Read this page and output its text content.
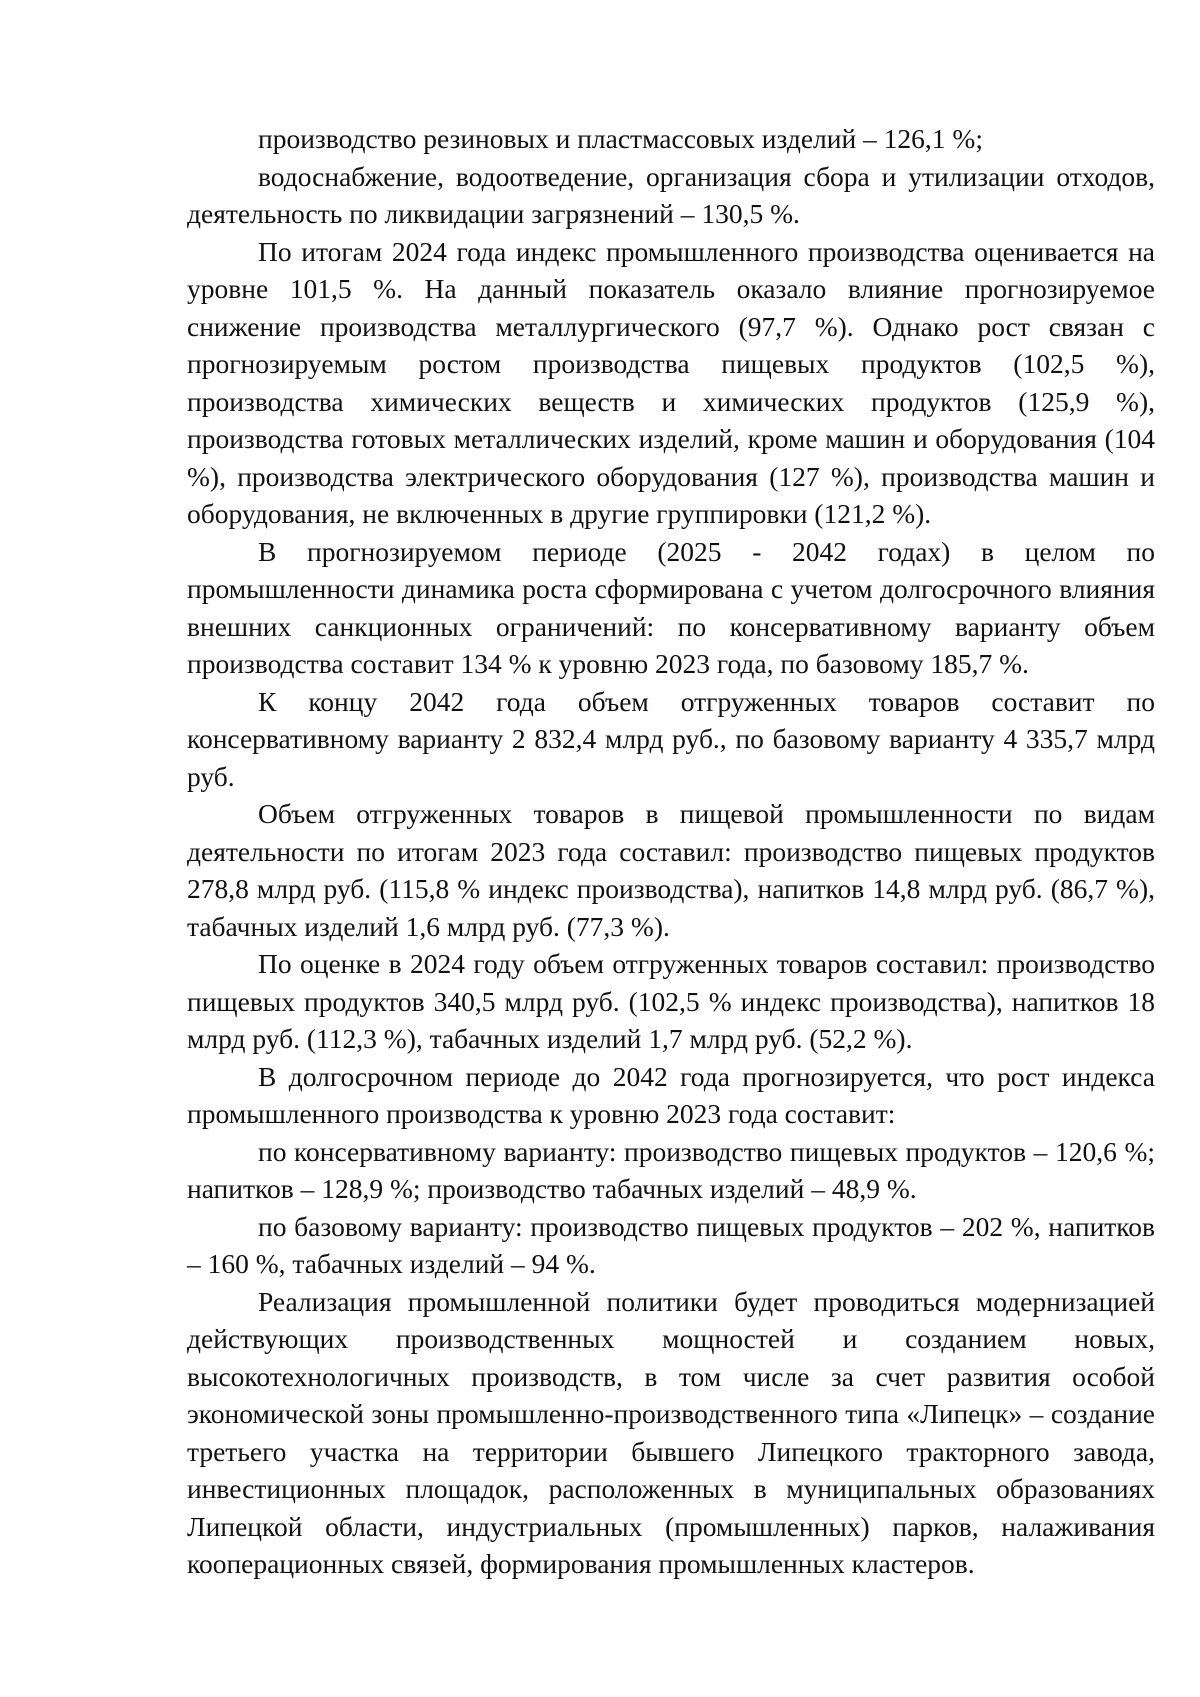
производство резиновых и пластмассовых изделий – 126,1 %;

водоснабжение, водоотведение, организация сбора и утилизации отходов, деятельность по ликвидации загрязнений – 130,5 %.

По итогам 2024 года индекс промышленного производства оценивается на уровне 101,5 %. На данный показатель оказало влияние прогнозируемое снижение производства металлургического (97,7 %). Однако рост связан с прогнозируемым ростом производства пищевых продуктов (102,5 %), производства химических веществ и химических продуктов (125,9 %), производства готовых металлических изделий, кроме машин и оборудования (104 %), производства электрического оборудования (127 %), производства машин и оборудования, не включенных в другие группировки (121,2 %).

В прогнозируемом периоде (2025 - 2042 годах) в целом по промышленности динамика роста сформирована с учетом долгосрочного влияния внешних санкционных ограничений: по консервативному варианту объем производства составит 134 % к уровню 2023 года, по базовому 185,7 %.

К концу 2042 года объем отгруженных товаров составит по консервативному варианту 2 832,4 млрд руб., по базовому варианту 4 335,7 млрд руб.

Объем отгруженных товаров в пищевой промышленности по видам деятельности по итогам 2023 года составил: производство пищевых продуктов 278,8 млрд руб. (115,8 % индекс производства), напитков 14,8 млрд руб. (86,7 %), табачных изделий 1,6 млрд руб. (77,3 %).

По оценке в 2024 году объем отгруженных товаров составил: производство пищевых продуктов 340,5 млрд руб. (102,5 % индекс производства), напитков 18 млрд руб. (112,3 %), табачных изделий 1,7 млрд руб. (52,2 %).

В долгосрочном периоде до 2042 года прогнозируется, что рост индекса промышленного производства к уровню 2023 года составит:

по консервативному варианту: производство пищевых продуктов – 120,6 %; напитков – 128,9 %; производство табачных изделий – 48,9 %.

по базовому варианту: производство пищевых продуктов – 202 %, напитков – 160 %, табачных изделий – 94 %.

Реализация промышленной политики будет проводиться модернизацией действующих производственных мощностей и созданием новых, высокотехнологичных производств, в том числе за счет развития особой экономической зоны промышленно-производственного типа «Липецк» – создание третьего участка на территории бывшего Липецкого тракторного завода, инвестиционных площадок, расположенных в муниципальных образованиях Липецкой области, индустриальных (промышленных) парков, налаживания кооперационных связей, формирования промышленных кластеров.
